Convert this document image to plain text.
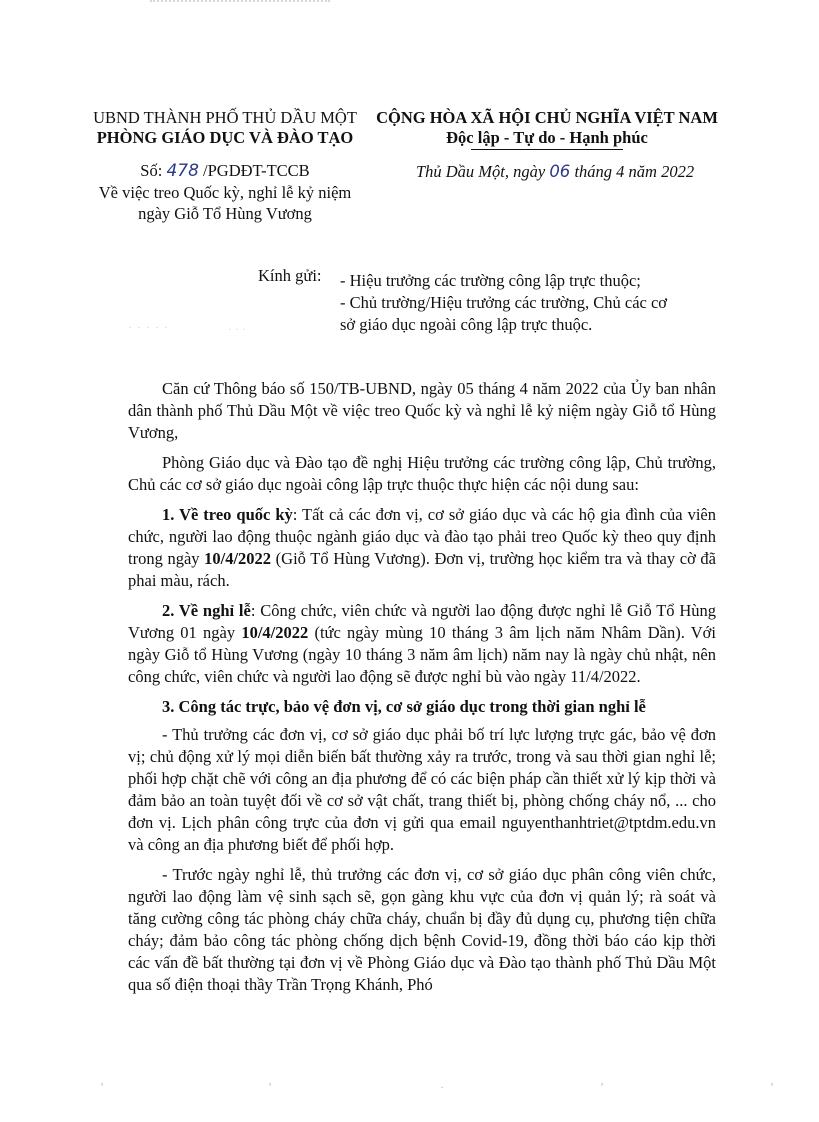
UBND THÀNH PHỐ THỦ DẦU MỘT
PHÒNG GIÁO DỤC VÀ ĐÀO TẠO
CỘNG HÒA XÃ HỘI CHỦ NGHĨA VIỆT NAM
Độc lập - Tự do - Hạnh phúc
Số: 478 /PGDĐT-TCCB
Về việc treo Quốc kỳ, nghỉ lễ kỷ niệm
ngày Giỗ Tổ Hùng Vương
Thủ Dầu Một, ngày 06 tháng 4 năm 2022
Kính gửi: - Hiệu trưởng các trường công lập trực thuộc;
- Chủ trường/Hiệu trưởng các trường, Chủ các cơ sở giáo dục ngoài công lập trực thuộc.
· · · · ·	· · ·

Căn cứ Thông báo số 150/TB-UBND, ngày 05 tháng 4 năm 2022 của Ủy ban nhân dân thành phố Thủ Dầu Một về việc treo Quốc kỳ và nghỉ lễ kỷ niệm ngày Giỗ tổ Hùng Vương,

Phòng Giáo dục và Đào tạo đề nghị Hiệu trưởng các trường công lập, Chủ trường, Chủ các cơ sở giáo dục ngoài công lập trực thuộc thực hiện các nội dung sau:

1. Về treo quốc kỳ: Tất cả các đơn vị, cơ sở giáo dục và các hộ gia đình của viên chức, người lao động thuộc ngành giáo dục và đào tạo phải treo Quốc kỳ theo quy định trong ngày 10/4/2022 (Giỗ Tổ Hùng Vương). Đơn vị, trường học kiểm tra và thay cờ đã phai màu, rách.

2. Về nghỉ lễ: Công chức, viên chức và người lao động được nghỉ lễ Giỗ Tổ Hùng Vương 01 ngày 10/4/2022 (tức ngày mùng 10 tháng 3 âm lịch năm Nhâm Dần). Với ngày Giỗ tổ Hùng Vương (ngày 10 tháng 3 năm âm lịch) năm nay là ngày chủ nhật, nên công chức, viên chức và người lao động sẽ được nghỉ bù vào ngày 11/4/2022.

3. Công tác trực, bảo vệ đơn vị, cơ sở giáo dục trong thời gian nghỉ lễ

- Thủ trưởng các đơn vị, cơ sở giáo dục phải bố trí lực lượng trực gác, bảo vệ đơn vị; chủ động xử lý mọi diễn biến bất thường xảy ra trước, trong và sau thời gian nghỉ lễ; phối hợp chặt chẽ với công an địa phương để có các biện pháp cần thiết xử lý kịp thời và đảm bảo an toàn tuyệt đối về cơ sở vật chất, trang thiết bị, phòng chống cháy nổ, ... cho đơn vị. Lịch phân công trực của đơn vị gửi qua email nguyenthanhtriet@tptdm.edu.vn và công an địa phương biết để phối hợp.

- Trước ngày nghỉ lễ, thủ trưởng các đơn vị, cơ sở giáo dục phân công viên chức, người lao động làm vệ sinh sạch sẽ, gọn gàng khu vực của đơn vị quản lý; rà soát và tăng cường công tác phòng cháy chữa cháy, chuẩn bị đầy đủ dụng cụ, phương tiện chữa cháy; đảm bảo công tác phòng chống dịch bệnh Covid-19, đồng thời báo cáo kịp thời các vấn đề bất thường tại đơn vị về Phòng Giáo dục và Đào tạo thành phố Thủ Dầu Một qua số điện thoại thầy Trần Trọng Khánh, Phó

ʼ	ʼ	·	ʼ	ʼ
